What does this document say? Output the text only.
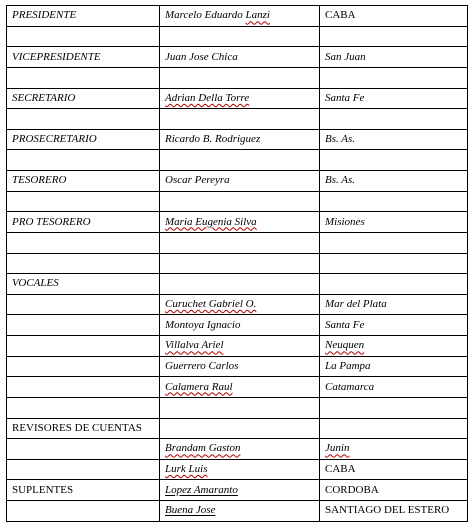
PRESIDENTE	Marcelo Eduardo Lanzi	CABA

VICEPRESIDENTE	Juan Jose Chica	San Juan

SECRETARIO	Adrian Della Torre	Santa Fe

PROSECRETARIO	Ricardo B. Rodriguez	Bs. As.

TESORERO	Oscar Pereyra	Bs. As.

PRO TESORERO	Maria Eugenia Silva	Misiones

VOCALES		
	Curuchet Gabriel O.	Mar del Plata
	Montoya Ignacio	Santa Fe
	Villalva Ariel	Neuquen
	Guerrero Carlos	La Pampa
	Calamera Raul	Catamarca

REVISORES DE CUENTAS		
	Brandam Gaston	Junin
	Lurk Luis	CABA
SUPLENTES	Lopez Amaranto	CORDOBA
	Buena Jose	SANTIAGO DEL ESTERO
